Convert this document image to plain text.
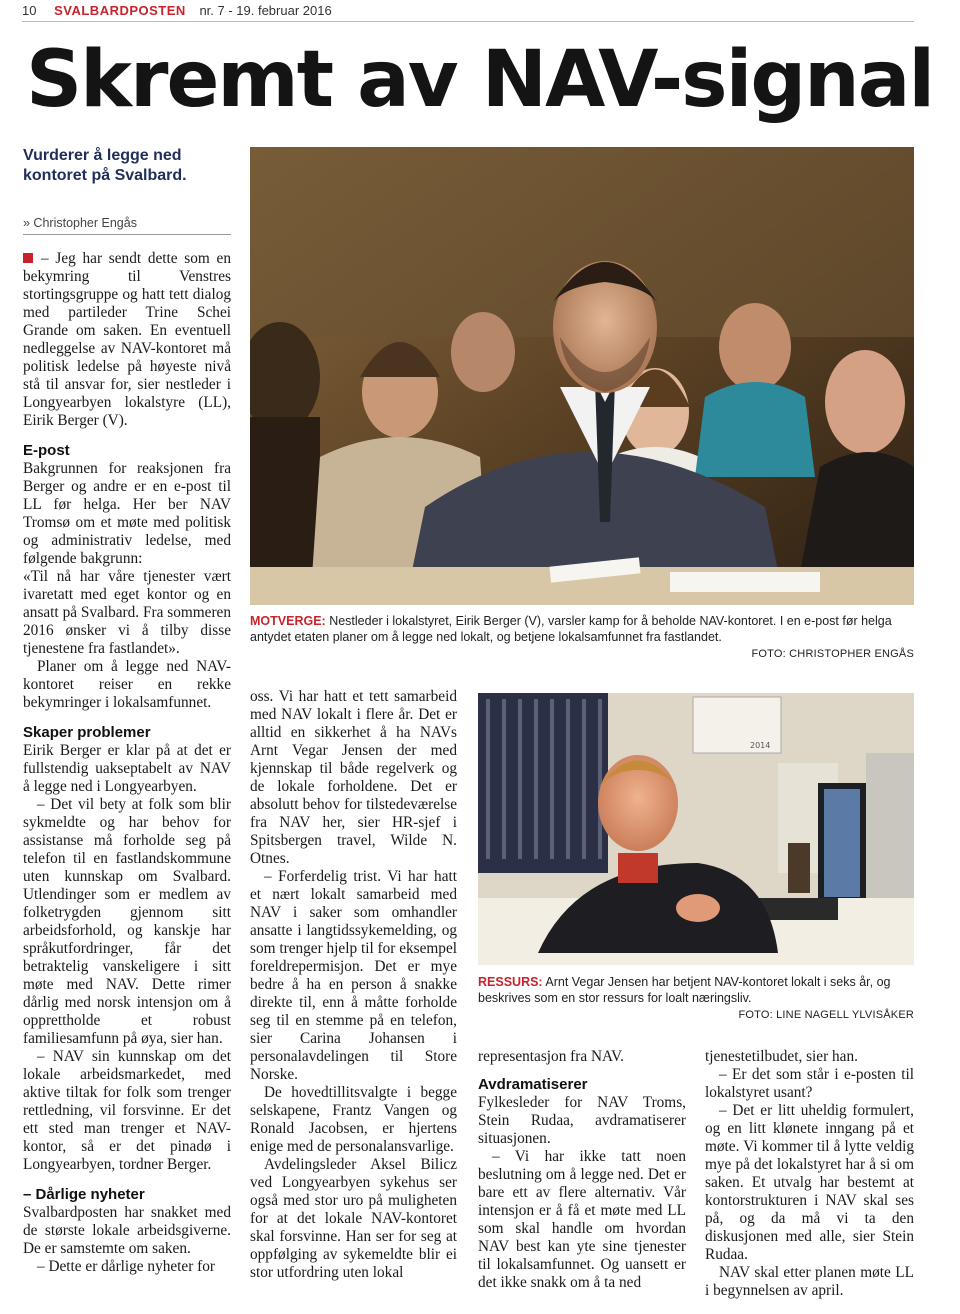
10 SVALBARDPOSTEN nr. 7 - 19. februar 2016
Skremt av NAV-signal
Vurderer å legge ned kontoret på Svalbard.
» Christopher Engås

– Jeg har sendt dette som en bekymring til Venstres stortingsgruppe og hatt tett dialog med partileder Trine Schei Grande om saken. En eventuell nedleggelse av NAV-kontoret må politisk ledelse på høyeste nivå stå til ansvar for, sier nestleder i Longyearbyen lokalstyre (LL), Eirik Berger (V).

E-post

Bakgrunnen for reaksjonen fra Berger og andre er en e-post til LL før helga. Her ber NAV Tromsø om et møte med politisk og administrativ ledelse, med følgende bakgrunn:

«Til nå har våre tjenester vært ivaretatt med eget kontor og en ansatt på Svalbard. Fra sommeren 2016 ønsker vi å tilby disse tjenestene fra fastlandet».

Planer om å legge ned NAV-kontoret reiser en rekke bekymringer i lokalsamfunnet.

Skaper problemer

Eirik Berger er klar på at det er fullstendig uakseptabelt av NAV å legge ned i Longyearbyen.

– Det vil bety at folk som blir sykmeldte og har behov for assistanse må forholde seg på telefon til en fastlandskommune uten kunnskap om Svalbard. Utlendinger som er medlem av folketrygden gjennom sitt arbeidsforhold, og kanskje har språkutfordringer, får det betraktelig vanskeligere i sitt møte med NAV. Dette rimer dårlig med norsk intensjon om å opprettholde et robust familiesamfunn på øya, sier han.

– NAV sin kunnskap om det lokale arbeidsmarkedet, med aktive tiltak for folk som trenger rettledning, vil forsvinne. Er det ett sted man trenger et NAV-kontor, så er det pinadø i Longyearbyen, tordner Berger.

– Dårlige nyheter

Svalbardposten har snakket med de største lokale arbeidsgiverne. De er samstemte om saken.

– Dette er dårlige nyheter for

MOTVERGE: Nestleder i lokalstyret, Eirik Berger (V), varsler kamp for å beholde NAV-kontoret. I en e-post før helga antydet etaten planer om å legge ned lokalt, og betjene lokalsamfunnet fra fastlandet.
FOTO: CHRISTOPHER ENGÅS

oss. Vi har hatt et tett samarbeid med NAV lokalt i flere år. Det er alltid en sikkerhet å ha NAVs Arnt Vegar Jensen der med kjennskap til både regelverk og de lokale forholdene. Det er absolutt behov for tilstedeværelse fra NAV her, sier HR-sjef i Spitsbergen travel, Wilde N. Otnes.

– Forferdelig trist. Vi har hatt et nært lokalt samarbeid med NAV i saker som omhandler ansatte i langtidssykemelding, og som trenger hjelp til for eksempel foreldrepermisjon. Det er mye bedre å ha en person å snakke direkte til, enn å måtte forholde seg til en stemme på en telefon, sier Carina Johansen i personalavdelingen til Store Norske.

De hovedtillitsvalgte i begge selskapene, Frantz Vangen og Ronald Jacobsen, er hjertens enige med de personalansvarlige.

Avdelingsleder Aksel Bilicz ved Longyearbyen sykehus ser også med stor uro på muligheten for at det lokale NAV-kontoret skal forsvinne. Han ser for seg at oppfølging av sykemeldte blir ei stor utfordring uten lokal

2014
RESSURS: Arnt Vegar Jensen har betjent NAV-kontoret lokalt i seks år, og beskrives som en stor ressurs for loalt næringsliv.
FOTO: LINE NAGELL YLVISÅKER

representasjon fra NAV.

Avdramatiserer

Fylkesleder for NAV Troms, Stein Rudaa, avdramatiserer situasjonen.

– Vi har ikke tatt noen beslutning om å legge ned. Det er bare ett av flere alternativ. Vår intensjon er å få et møte med LL som skal handle om hvordan NAV best kan yte sine tjenester til lokalsamfunnet. Og uansett er det ikke snakk om å ta ned

tjenestetilbudet, sier han.

– Er det som står i e-posten til lokalstyret usant?

– Det er litt uheldig formulert, og en litt klønete inngang på et møte. Vi kommer til å lytte veldig mye på det lokalstyret har å si om saken. Et utvalg har bestemt at kontorstrukturen i NAV skal ses på, og da må vi ta den diskusjonen med alle, sier Stein Rudaa.

NAV skal etter planen møte LL i begynnelsen av april.
